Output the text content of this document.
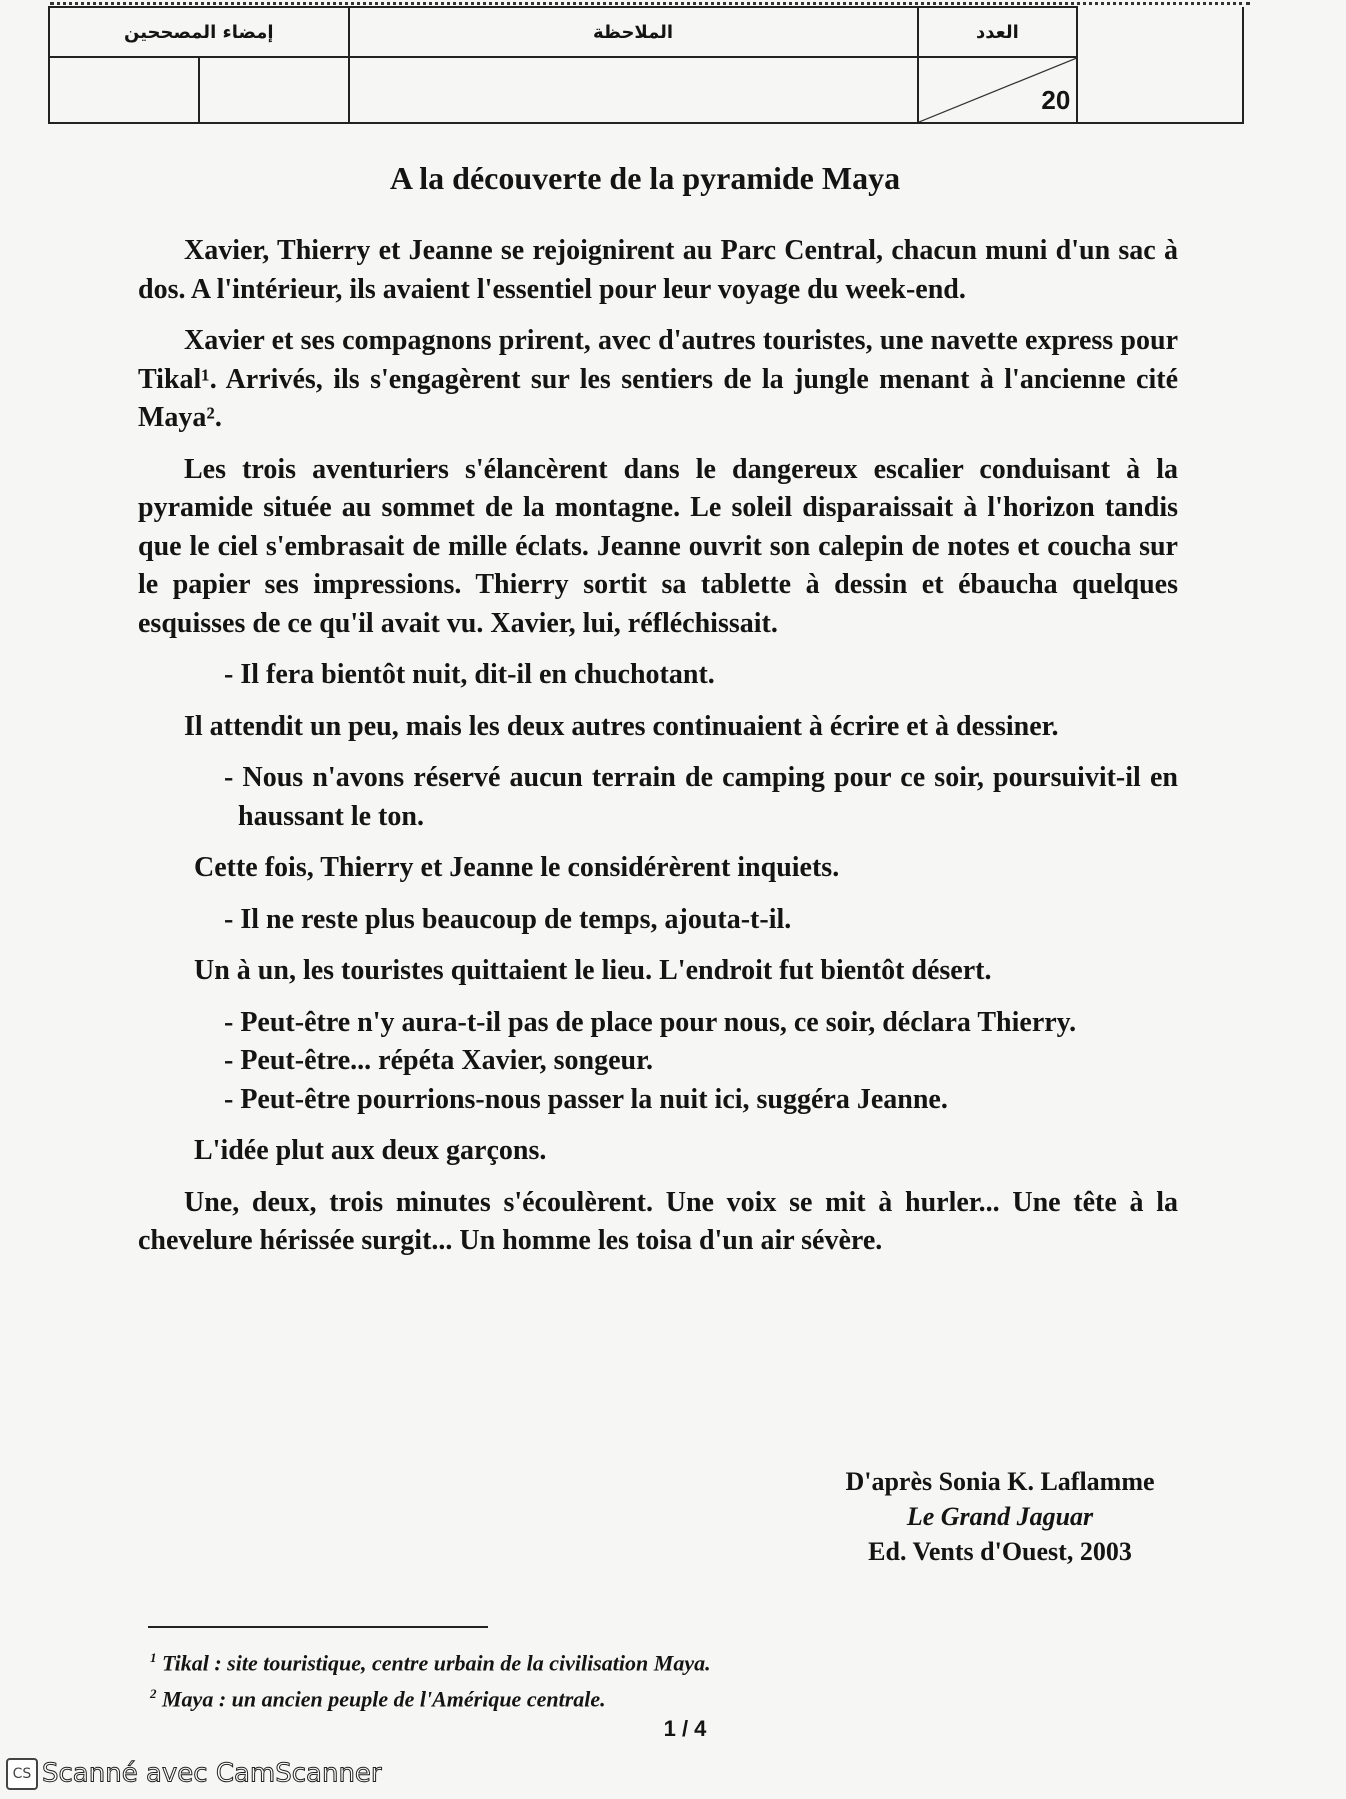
إمضاء المصححين		الملاحظة	العدد	

			20	
A la découverte de la pyramide Maya

Xavier, Thierry et Jeanne se rejoignirent au Parc Central, chacun muni d'un sac à dos. A l'intérieur, ils avaient l'essentiel pour leur voyage du week-end.

Xavier et ses compagnons prirent, avec d'autres touristes, une navette express pour Tikal¹. Arrivés, ils s'engagèrent sur les sentiers de la jungle menant à l'ancienne cité Maya².

Les trois aventuriers s'élancèrent dans le dangereux escalier conduisant à la pyramide située au sommet de la montagne. Le soleil disparaissait à l'horizon tandis que le ciel s'embrasait de mille éclats. Jeanne ouvrit son calepin de notes et coucha sur le papier ses impressions. Thierry sortit sa tablette à dessin et ébaucha quelques esquisses de ce qu'il avait vu. Xavier, lui, réfléchissait.

- Il fera bientôt nuit, dit-il en chuchotant.

Il attendit un peu, mais les deux autres continuaient à écrire et à dessiner.

- Nous n'avons réservé aucun terrain de camping pour ce soir, poursuivit-il en haussant le ton.

Cette fois, Thierry et Jeanne le considérèrent inquiets.

- Il ne reste plus beaucoup de temps, ajouta-t-il.

Un à un, les touristes quittaient le lieu. L'endroit fut bientôt désert.

- Peut-être n'y aura-t-il pas de place pour nous, ce soir, déclara Thierry.

- Peut-être... répéta Xavier, songeur.

- Peut-être pourrions-nous passer la nuit ici, suggéra Jeanne.

L'idée plut aux deux garçons.

Une, deux, trois minutes s'écoulèrent. Une voix se mit à hurler... Une tête à la chevelure hérissée surgit... Un homme les toisa d'un air sévère.

D'après Sonia K. Laflamme
Le Grand Jaguar
Ed. Vents d'Ouest, 2003
$^1$ Tikal : site touristique, centre urbain de la civilisation Maya.
$^2$ Maya : un ancien peuple de l'Amérique centrale.
1 / 4
CS Scanné avec CamScanner
